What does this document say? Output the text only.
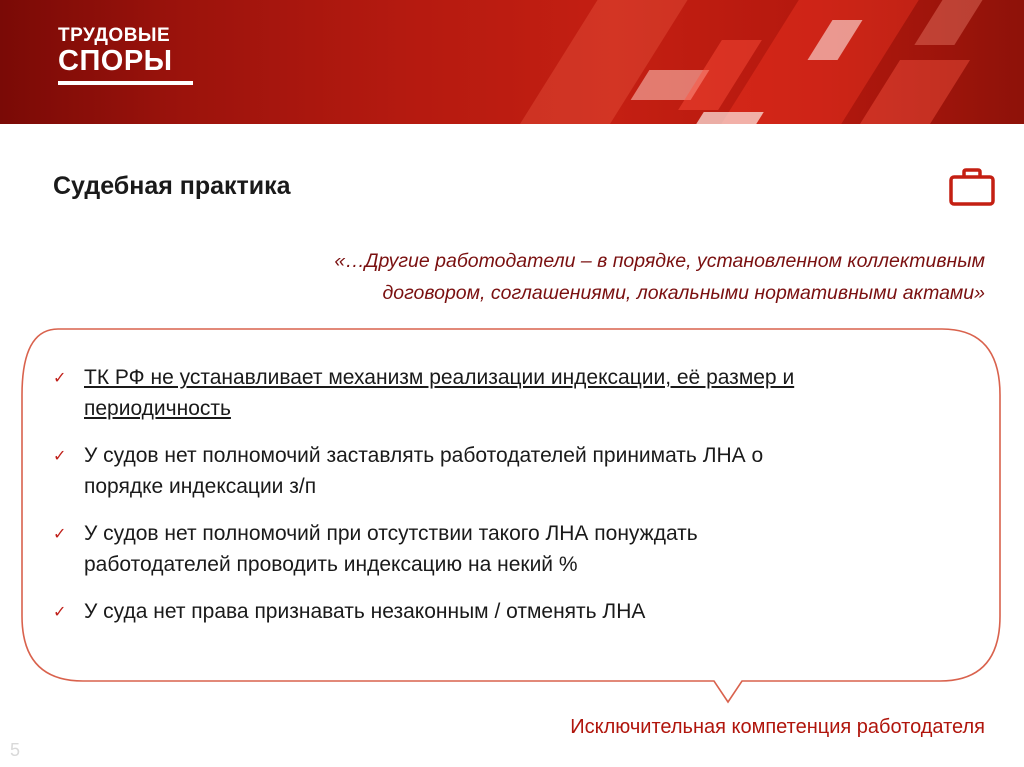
ТРУДОВЫЕ
СПОРЫ
Судебная практика
«…Другие работодатели – в порядке, установленном коллективным
договором, соглашениями, локальными нормативными актами»
✓ ТК РФ не устанавливает механизм реализации индексации, её размер и
периодичность
✓ У судов нет полномочий заставлять работодателей принимать ЛНА о
порядке индексации з/п
✓ У судов нет полномочий при отсутствии такого ЛНА понуждать
работодателей проводить индексацию на некий %
✓ У суда нет права признавать незаконным / отменять ЛНА
Исключительная компетенция работодателя
5
